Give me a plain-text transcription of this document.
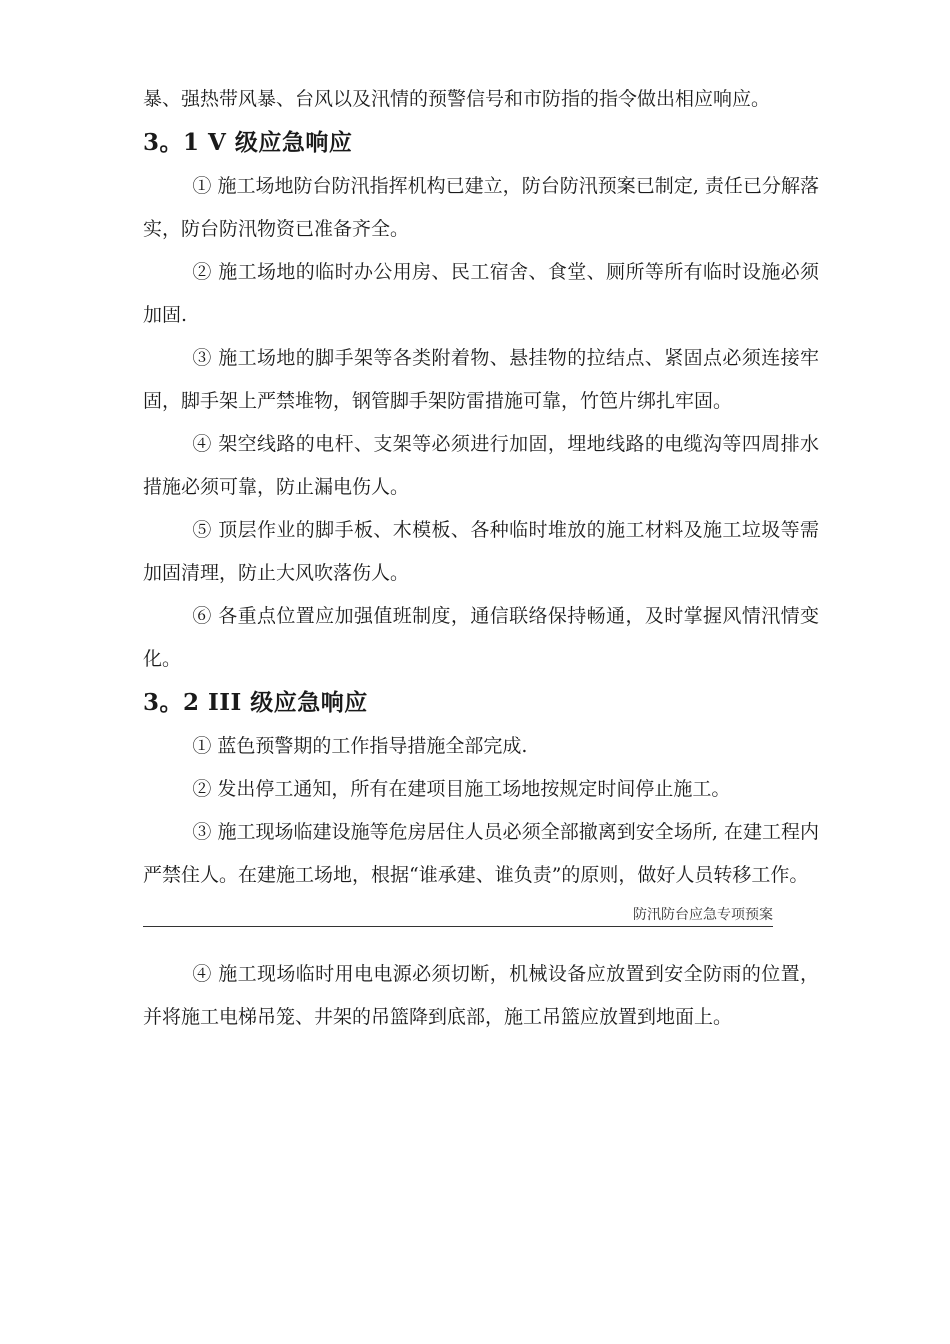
暴、强热带风暴、台风以及汛情的预警信号和市防指的指令做出相应响应。

3。1 V 级应急响应

① 施工场地防台防汛指挥机构已建立，防台防汛预案已制定, 责任已分解落实，防台防汛物资已准备齐全。

② 施工场地的临时办公用房、民工宿舍、食堂、厕所等所有临时设施必须加固.

③ 施工场地的脚手架等各类附着物、悬挂物的拉结点、紧固点必须连接牢固，脚手架上严禁堆物，钢管脚手架防雷措施可靠，竹笆片绑扎牢固。

④ 架空线路的电杆、支架等必须进行加固，埋地线路的电缆沟等四周排水措施必须可靠，防止漏电伤人。

⑤ 顶层作业的脚手板、木模板、各种临时堆放的施工材料及施工垃圾等需加固清理，防止大风吹落伤人。

⑥ 各重点位置应加强值班制度，通信联络保持畅通，及时掌握风情汛情变化。

3。2 III 级应急响应

① 蓝色预警期的工作指导措施全部完成.

② 发出停工通知，所有在建项目施工场地按规定时间停止施工。

③ 施工现场临建设施等危房居住人员必须全部撤离到安全场所, 在建工程内严禁住人。在建施工场地，根据“谁承建、谁负责”的原则，做好人员转移工作。

防汛防台应急专项预案

④ 施工现场临时用电电源必须切断，机械设备应放置到安全防雨的位置，并将施工电梯吊笼、井架的吊篮降到底部，施工吊篮应放置到地面上。
